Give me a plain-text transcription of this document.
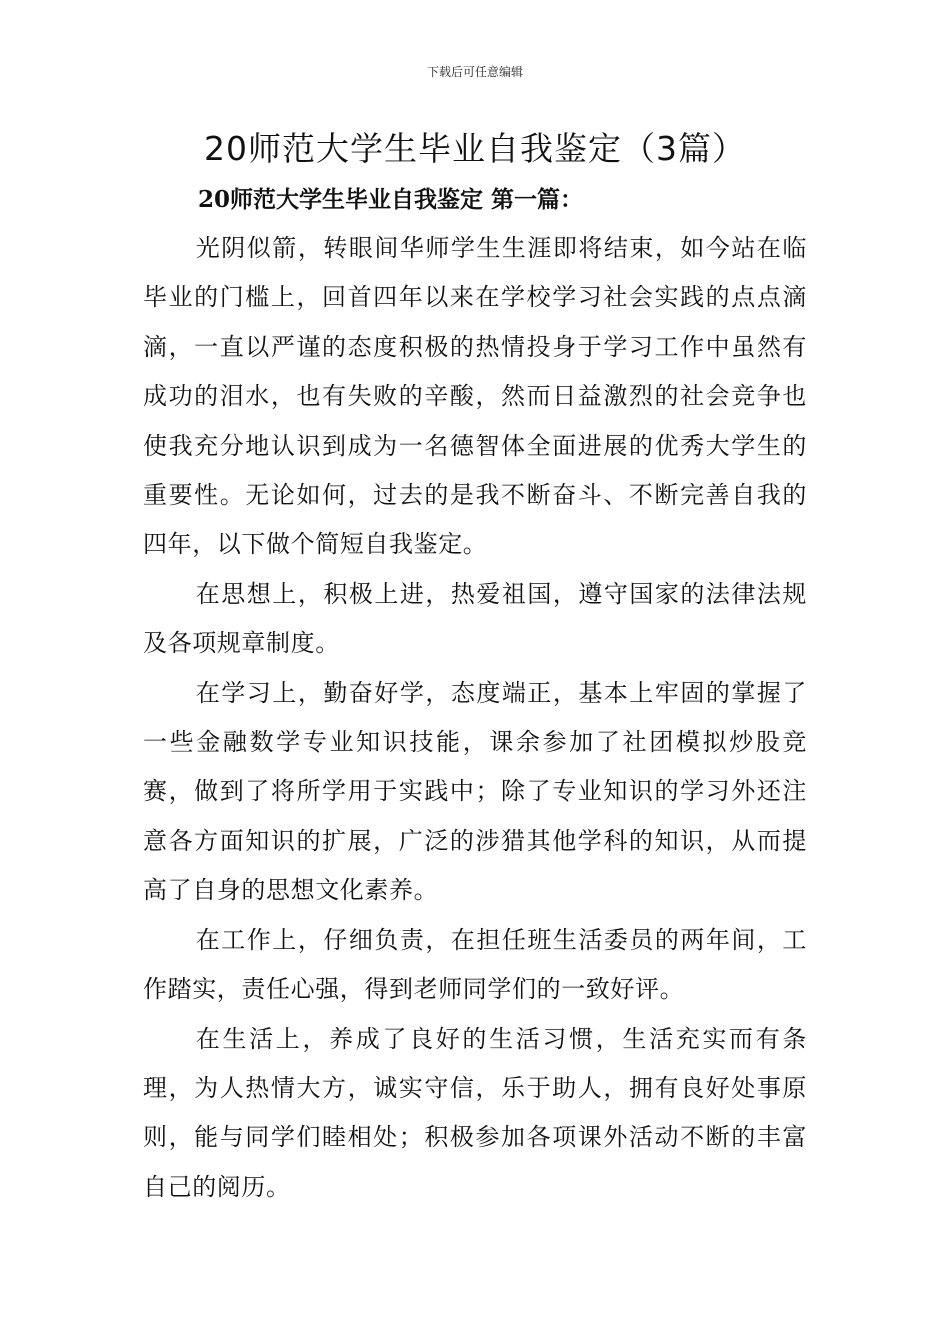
下载后可任意编辑
20师范大学生毕业自我鉴定（3篇）
20师范大学生毕业自我鉴定 第一篇：

光阴似箭，转眼间华师学生生涯即将结束，如今站在临毕业的门槛上，回首四年以来在学校学习社会实践的点点滴滴，一直以严谨的态度积极的热情投身于学习工作中虽然有成功的泪水，也有失败的辛酸，然而日益激烈的社会竞争也使我充分地认识到成为一名德智体全面进展的优秀大学生的重要性。无论如何，过去的是我不断奋斗、不断完善自我的四年，以下做个简短自我鉴定。

在思想上，积极上进，热爱祖国，遵守国家的法律法规及各项规章制度。

在学习上，勤奋好学，态度端正，基本上牢固的掌握了一些金融数学专业知识技能，课余参加了社团模拟炒股竞赛，做到了将所学用于实践中；除了专业知识的学习外还注意各方面知识的扩展，广泛的涉猎其他学科的知识，从而提高了自身的思想文化素养。

在工作上，仔细负责，在担任班生活委员的两年间，工作踏实，责任心强，得到老师同学们的一致好评。

在生活上，养成了良好的生活习惯，生活充实而有条理，为人热情大方，诚实守信，乐于助人，拥有良好处事原则，能与同学们睦相处；积极参加各项课外活动不断的丰富自己的阅历。
